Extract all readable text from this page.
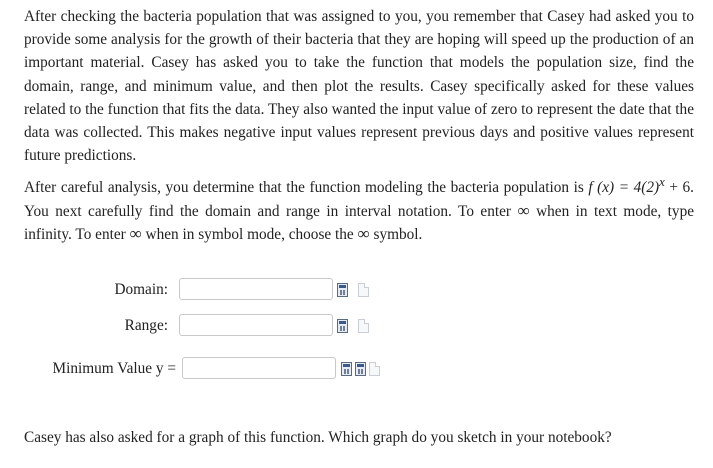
After checking the bacteria population that was assigned to you, you remember that Casey had asked you to provide some analysis for the growth of their bacteria that they are hoping will speed up the production of an important material. Casey has asked you to take the function that models the population size, find the domain, range, and minimum value, and then plot the results. Casey specifically asked for these values related to the function that fits the data. They also wanted the input value of zero to represent the date that the data was collected. This makes negative input values represent previous days and positive values represent future predictions.

After careful analysis, you determine that the function modeling the bacteria population is f $(x) = 4(2)^x + 6$. You next carefully find the domain and range in interval notation. To enter ∞ when in text mode, type infinity. To enter ∞ when in symbol mode, choose the ∞ symbol.

Domain:
Range:
Minimum Value y =

Casey has also asked for a graph of this function. Which graph do you sketch in your notebook?
